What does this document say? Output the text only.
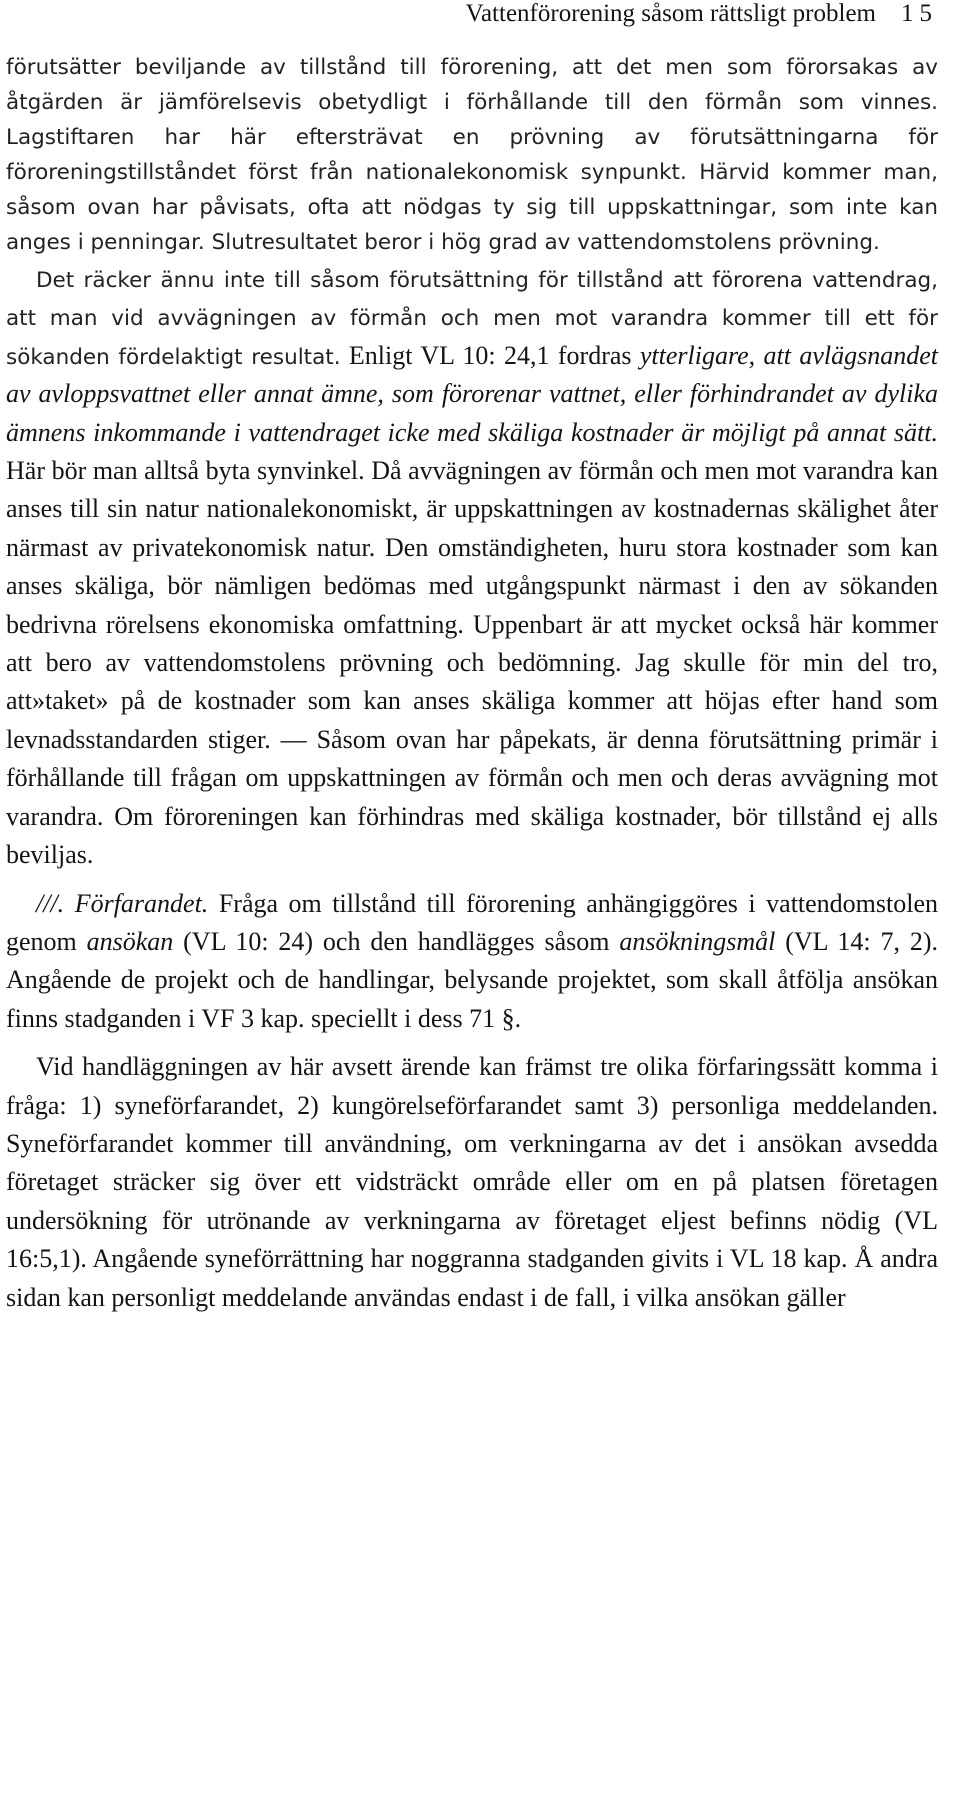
Vattenförorening såsom rättsligt problem 15

förutsätter beviljande av tillstånd till förorening, att det men som förorsakas av åtgärden är jämförelsevis obetydligt i förhållande till den förmån som vinnes. Lagstiftaren har här eftersträvat en prövning av förutsättningarna för föroreningstillståndet först från nationalekonomisk synpunkt. Härvid kommer man, såsom ovan har påvisats, ofta att nödgas ty sig till uppskattningar, som inte kan anges i penningar. Slutresultatet beror i hög grad av vattendomstolens prövning.

Det räcker ännu inte till såsom förutsättning för tillstånd att förorena vattendrag, att man vid avvägningen av förmån och men mot varandra kommer till ett för sökanden fördelaktigt resultat. Enligt VL 10: 24,1 fordras ytterligare, att avlägsnandet av avloppsvattnet eller annat ämne, som förorenar vattnet, eller förhindrandet av dylika ämnens inkommande i vattendraget icke med skäliga kostnader är möjligt på annat sätt. Här bör man alltså byta synvinkel. Då avvägningen av förmån och men mot varandra kan anses till sin natur nationalekonomiskt, är uppskattningen av kostnadernas skälighet åter närmast av privatekonomisk natur. Den omständigheten, huru stora kostnader som kan anses skäliga, bör nämligen bedömas med utgångspunkt närmast i den av sökanden bedrivna rörelsens ekonomiska omfattning. Uppenbart är att mycket också här kommer att bero av vattendomstolens prövning och bedömning. Jag skulle för min del tro, att»taket» på de kostnader som kan anses skäliga kommer att höjas efter hand som levnadsstandarden stiger. — Såsom ovan har påpekats, är denna förutsättning primär i förhållande till frågan om uppskattningen av förmån och men och deras avvägning mot varandra. Om föroreningen kan förhindras med skäliga kostnader, bör tillstånd ej alls beviljas.

///. Förfarandet. Fråga om tillstånd till förorening anhängiggöres i vattendomstolen genom ansökan (VL 10: 24) och den handlägges såsom ansökningsmål (VL 14: 7, 2). Angående de projekt och de handlingar, belysande projektet, som skall åtfölja ansökan finns stadganden i VF 3 kap. speciellt i dess 71 §.

Vid handläggningen av här avsett ärende kan främst tre olika förfaringssätt komma i fråga: 1) syneförfarandet, 2) kungörelseförfarandet samt 3) personliga meddelanden. Syneförfarandet kommer till användning, om verkningarna av det i ansökan avsedda företaget sträcker sig över ett vidsträckt område eller om en på platsen företagen undersökning för utrönande av verkningarna av företaget eljest befinns nödig (VL 16:5,1). Angående syneförrättning har noggranna stadganden givits i VL 18 kap. Å andra sidan kan personligt meddelande användas endast i de fall, i vilka ansökan gäller
